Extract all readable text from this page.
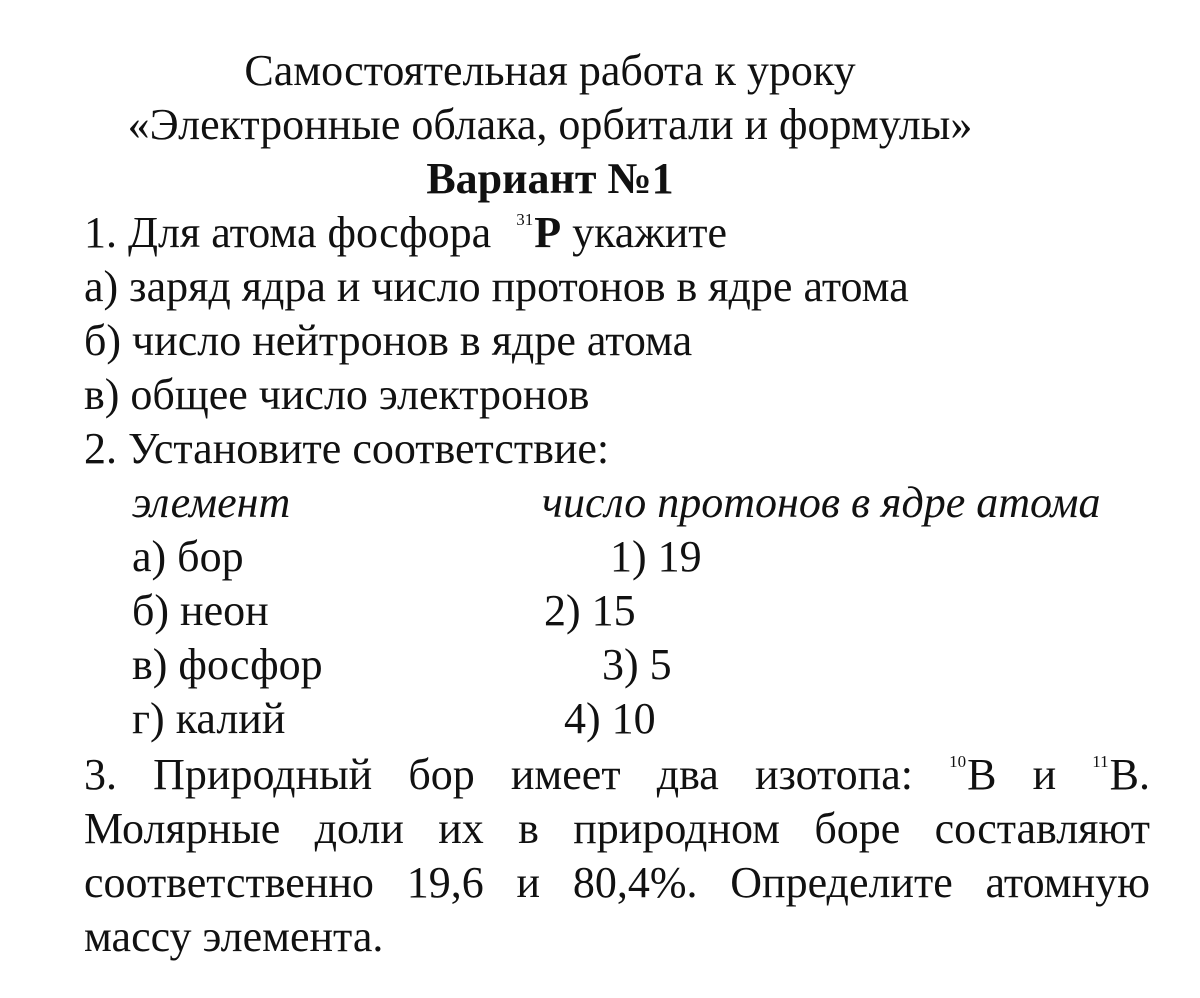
Самостоятельная работа к уроку
«Электронные облака, орбитали и формулы»
Вариант №1
1. Для атома фосфора $^{31}$P укажите
а) заряд ядра и число протонов в ядре атома
б) число нейтронов в ядре атома
в) общее число электронов
2. Установите соответствие:
элемент	число протонов в ядре атома
а) бор
б) неон
в) фосфор
г) калий
1) 19
2) 15
3) 5
4) 10
3. Природный бор имеет два изотопа: 10B и 11B.
Молярные доли их в природном боре составляют
соответственно 19,6 и 80,4%. Определите атомную
массу элемента.
